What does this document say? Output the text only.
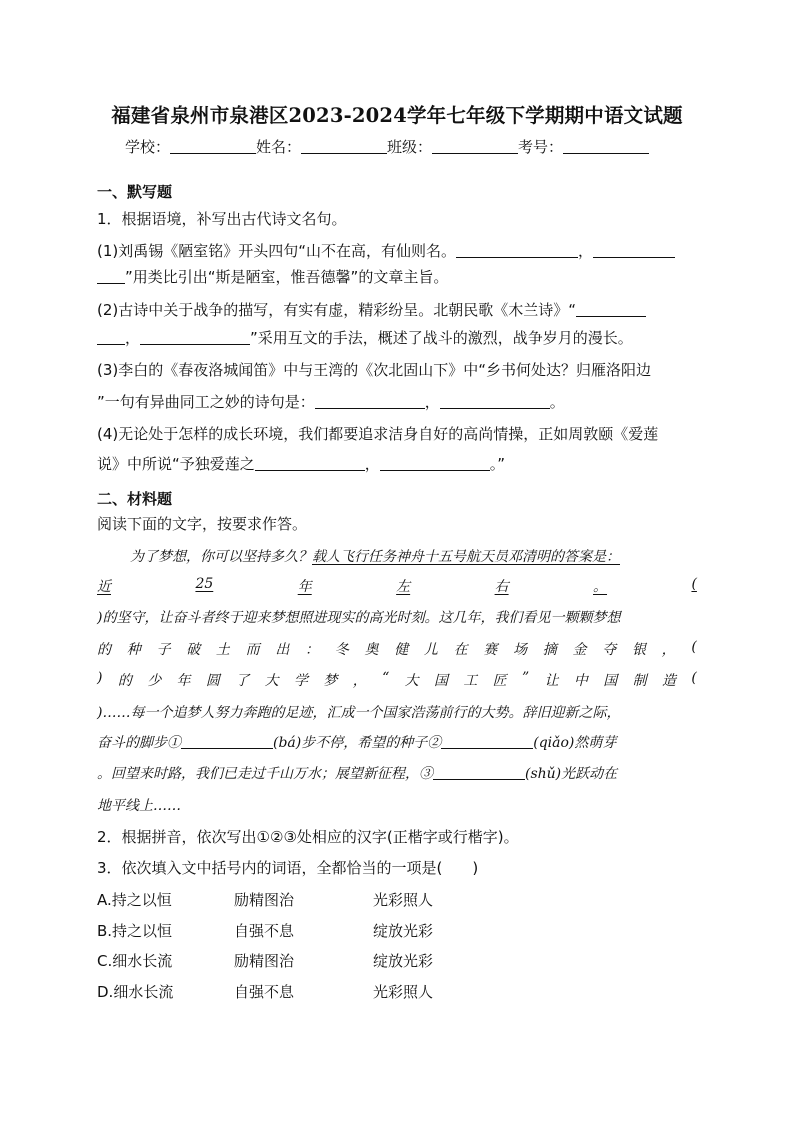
福建省泉州市泉港区2023-2024学年七年级下学期期中语文试题
学校：	姓名：	班级：	考号：
一、默写题
1．根据语境，补写出古代诗文名句。
(1)刘禹锡《陋室铭》开头四句“山不在高，有仙则名。	，
”用类比引出“斯是陋室，惟吾德馨”的文章主旨。
(2)古诗中关于战争的描写，有实有虚，精彩纷呈。北朝民歌《木兰诗》“
，	”采用互文的手法，概述了战斗的激烈，战争岁月的漫长。
(3)李白的《春夜洛城闻笛》中与王湾的《次北固山下》中“乡书何处达？归雁洛阳边
”一句有异曲同工之妙的诗句是：	，	。
(4)无论处于怎样的成长环境，我们都要追求洁身自好的高尚情操，正如周敦颐《爱莲
说》中所说“予独爱莲之	，	。”
二、材料题
阅读下面的文字，按要求作答。
为了梦想，你可以坚持多久？载人飞行任务神舟十五号航天员邓清明的答案是：
近	25	年	左	右	。	(
)的坚守，让奋斗者终于迎来梦想照进现实的高光时刻。这几年，我们看见一颗颗梦想
的 种 子 破 土 而 出 ： 冬 奥 健 儿 在 赛 场 摘 金 夺 银 ， (
) 的 少 年 圆 了 大 学 梦 ， “ 大 国 工 匠 ” 让 中 国 制 造 (
)……每一个追梦人努力奔跑的足迹，汇成一个国家浩荡前行的大势。辞旧迎新之际，
奋斗的脚步①	(bá)步不停，希望的种子②	(qiǎo)然萌芽
。回望来时路，我们已走过千山万水；展望新征程，③	(shǔ)光跃动在
地平线上……
2．根据拼音，依次写出①②③处相应的汉字(正楷字或行楷字)。
3．依次填入文中括号内的词语，全都恰当的一项是(　　)
A.持之以恒	励精图治	光彩照人
B.持之以恒	自强不息	绽放光彩
C.细水长流	励精图治	绽放光彩
D.细水长流	自强不息	光彩照人
